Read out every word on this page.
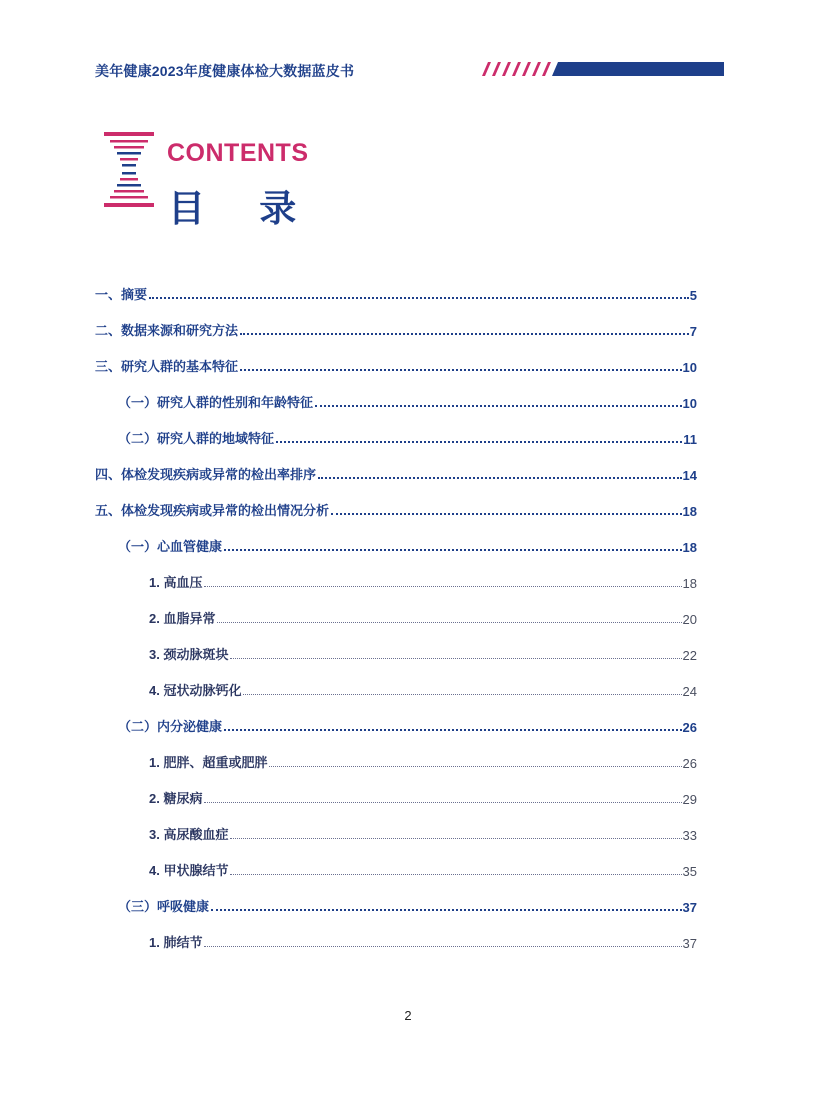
美年健康2023年度健康体检大数据蓝皮书
CONTENTS
目 录
一、摘要	5
二、数据来源和研究方法	7
三、研究人群的基本特征	10
（一）研究人群的性别和年龄特征	10
（二）研究人群的地域特征	11
四、体检发现疾病或异常的检出率排序	14
五、体检发现疾病或异常的检出情况分析	18
（一）心血管健康	18
1. 高血压	18
2. 血脂异常	20
3. 颈动脉斑块	22
4. 冠状动脉钙化	24
（二）内分泌健康	26
1. 肥胖、超重或肥胖	26
2. 糖尿病	29
3. 高尿酸血症	33
4. 甲状腺结节	35
（三）呼吸健康	37
1. 肺结节	37
2
